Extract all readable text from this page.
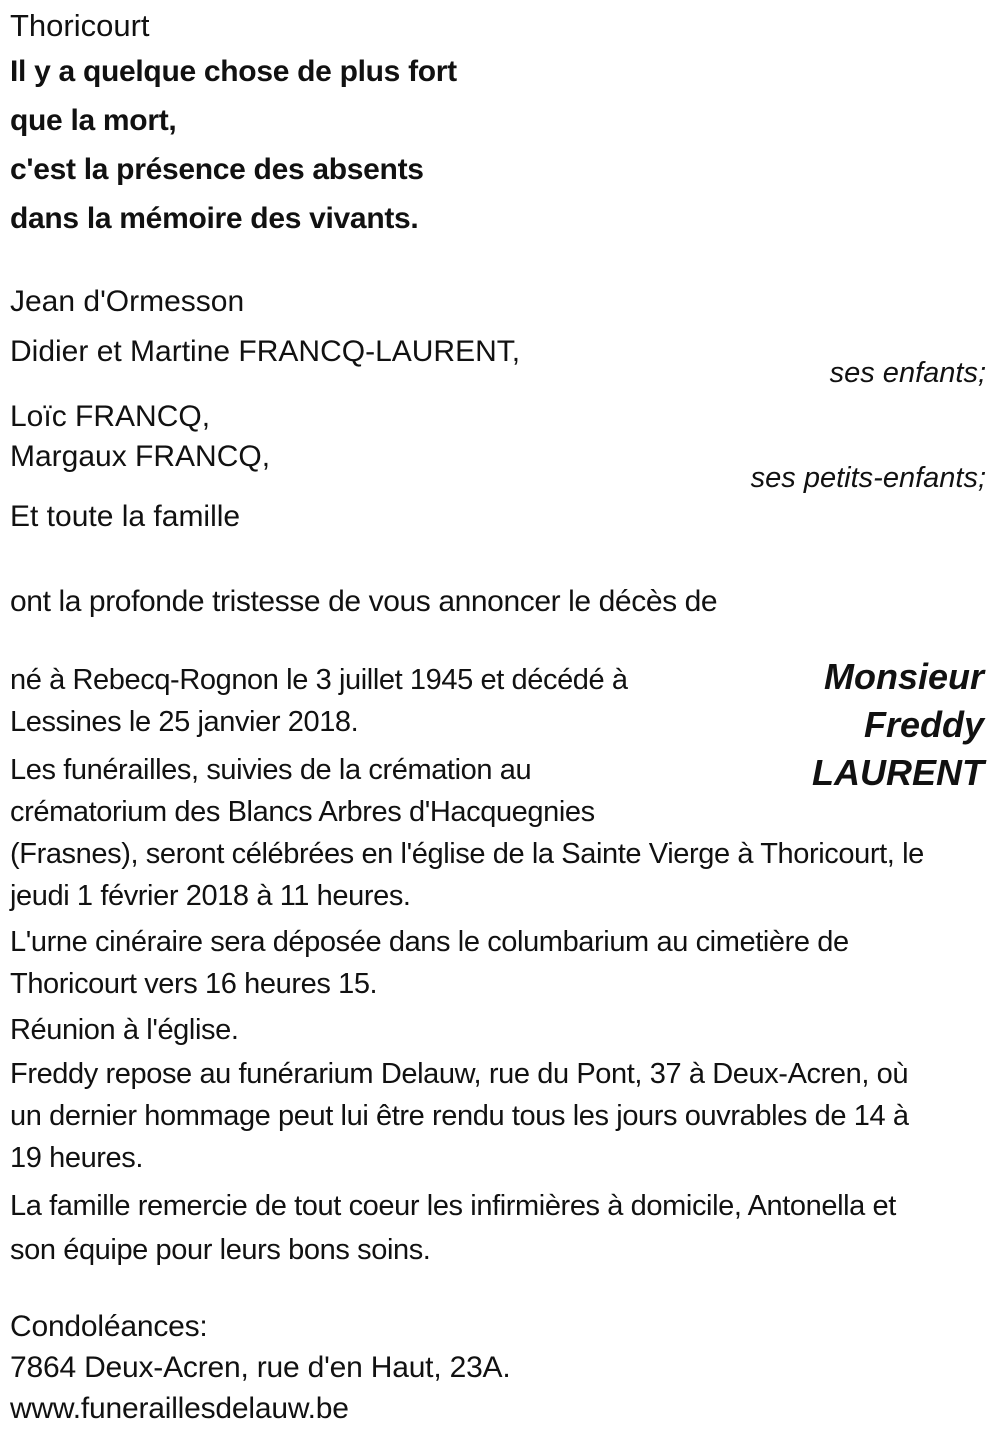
Thoricourt
Il y a quelque chose de plus fort
que la mort,
c'est la présence des absents
dans la mémoire des vivants.
Jean d'Ormesson
Didier et Martine FRANCQ-LAURENT,
ses enfants;
Loïc FRANCQ,
Margaux FRANCQ,
ses petits-enfants;
Et toute la famille
ont la profonde tristesse de vous annoncer le décès de
Monsieur
Freddy
LAURENT
né à Rebecq-Rognon le 3 juillet 1945 et décédé à
Lessines le 25 janvier 2018.
Les funérailles, suivies de la crémation au
crématorium des Blancs Arbres d'Hacquegnies
(Frasnes), seront célébrées en l'église de la Sainte Vierge à Thoricourt, le
jeudi 1 février 2018 à 11 heures.
L'urne cinéraire sera déposée dans le columbarium au cimetière de
Thoricourt vers 16 heures 15.
Réunion à l'église.
Freddy repose au funérarium Delauw, rue du Pont, 37 à Deux-Acren, où
un dernier hommage peut lui être rendu tous les jours ouvrables de 14 à
19 heures.
La famille remercie de tout coeur les infirmières à domicile, Antonella et
son équipe pour leurs bons soins.
Condoléances:
7864 Deux-Acren, rue d'en Haut, 23A.
www.funeraillesdelauw.be
